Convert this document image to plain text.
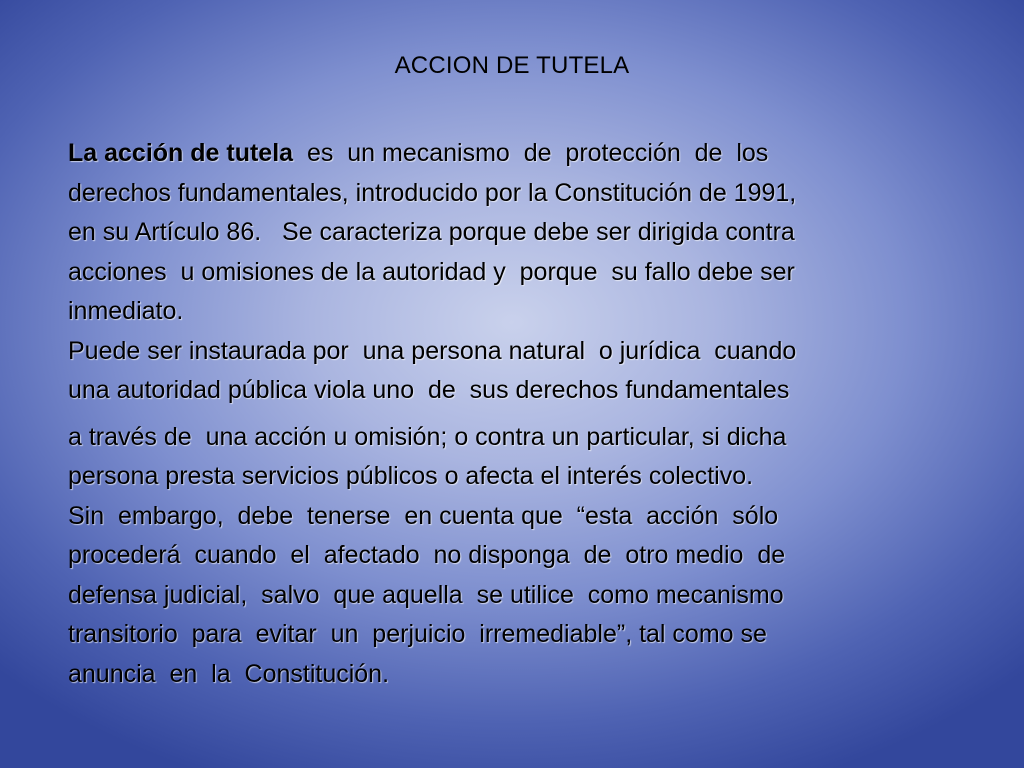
ACCION DE TUTELA

La acción de tutela  es  un mecanismo  de  protección  de  los
derechos fundamentales, introducido por la Constitución de 1991,
en su Artículo 86.   Se caracteriza porque debe ser dirigida contra
acciones  u omisiones de la autoridad y  porque  su fallo debe ser
inmediato.

Puede ser instaurada por  una persona natural  o jurídica  cuando
una autoridad pública viola uno  de  sus derechos fundamentales
a través de  una acción u omisión; o contra un particular, si dicha
persona presta servicios públicos o afecta el interés colectivo.

Sin  embargo,  debe  tenerse  en cuenta que  “esta  acción  sólo
procederá  cuando  el  afectado  no disponga  de  otro medio  de
defensa judicial,  salvo  que aquella  se utilice  como mecanismo
transitorio  para  evitar  un  perjuicio  irremediable”, tal como se
anuncia  en  la  Constitución.
